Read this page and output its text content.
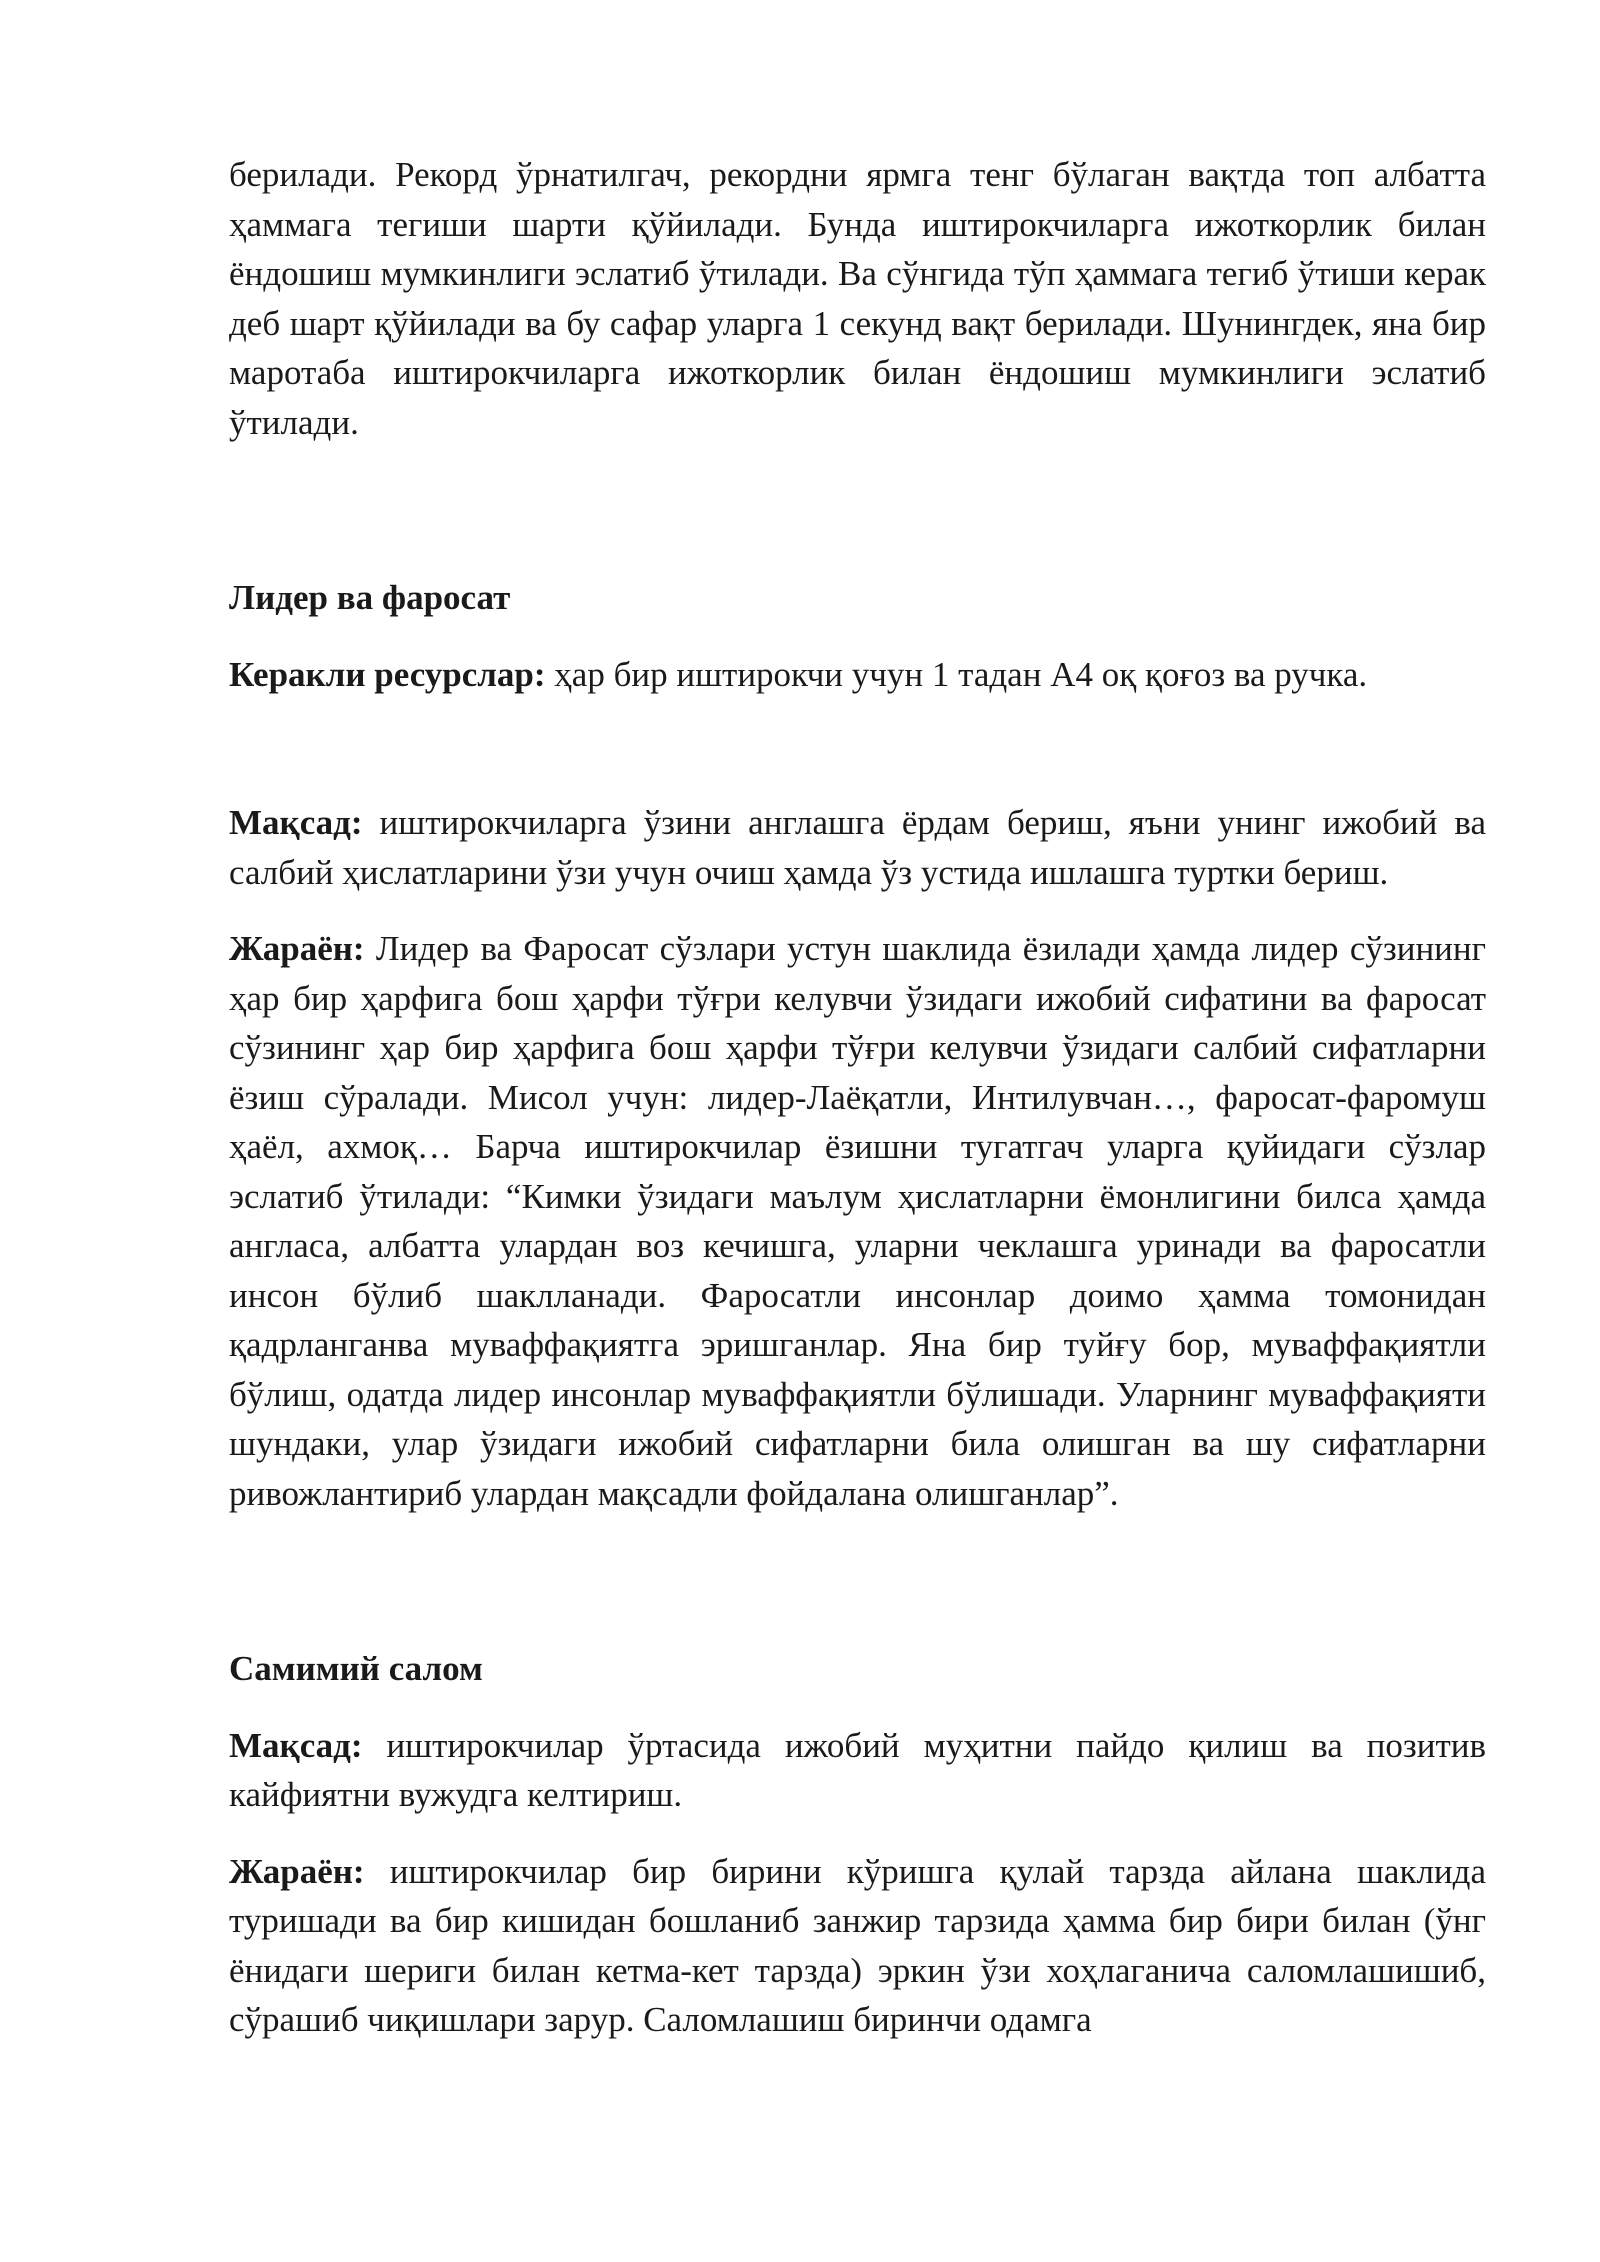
берилади. Рекорд ўрнатилгач, рекордни ярмга тенг бўлаган вақтда топ албатта ҳаммага тегиши шарти қўйилади. Бунда иштирокчиларга ижоткорлик билан ёндошиш мумкинлиги эслатиб ўтилади. Ва сўнгида тўп ҳаммага тегиб ўтиши керак деб шарт қўйилади ва бу сафар уларга 1 секунд вақт берилади. Шунингдек, яна бир маротаба иштирокчиларга ижоткорлик билан ёндошиш мумкинлиги эслатиб ўтилади.

Лидер ва фаросат

Керакли ресурслар: ҳар бир иштирокчи учун 1 тадан А4 оқ қоғоз ва ручка.

Мақсад: иштирокчиларга ўзини англашга ёрдам бериш, яъни унинг ижобий ва салбий ҳислатларини ўзи учун очиш ҳамда ўз устида ишлашга туртки бериш.

Жараён: Лидер ва Фаросат сўзлари устун шаклида ёзилади ҳамда лидер сўзининг ҳар бир ҳарфига бош ҳарфи тўғри келувчи ўзидаги ижобий сифатини ва фаросат сўзининг ҳар бир ҳарфига бош ҳарфи тўғри келувчи ўзидаги салбий сифатларни ёзиш сўралади. Мисол учун: лидер-Лаёқатли, Интилувчан…, фаросат-фаромуш ҳаёл, ахмоқ… Барча иштирокчилар ёзишни тугатгач уларга қуйидаги сўзлар эслатиб ўтилади: “Кимки ўзидаги маълум ҳислатларни ёмонлигини билса ҳамда англаса, албатта улардан воз кечишга, уларни чеклашга уринади ва фаросатли инсон бўлиб шаклланади. Фаросатли инсонлар доимо ҳамма томонидан қадрланганва муваффақиятга эришганлар. Яна бир туйғу бор, муваффақиятли бўлиш, одатда лидер инсонлар муваффақиятли бўлишади. Уларнинг муваффақияти шундаки, улар ўзидаги ижобий сифатларни била олишган ва шу сифатларни ривожлантириб улардан мақсадли фойдалана олишганлар”.

Самимий салом

Мақсад: иштирокчилар ўртасида ижобий муҳитни пайдо қилиш ва позитив кайфиятни вужудга келтириш.

Жараён: иштирокчилар бир бирини кўришга қулай тарзда айлана шаклида туришади ва бир кишидан бошланиб занжир тарзида ҳамма бир бири билан (ўнг ёнидаги шериги билан кетма-кет тарзда) эркин ўзи хоҳлаганича саломлашишиб, сўрашиб чиқишлари зарур. Саломлашиш биринчи одамга
